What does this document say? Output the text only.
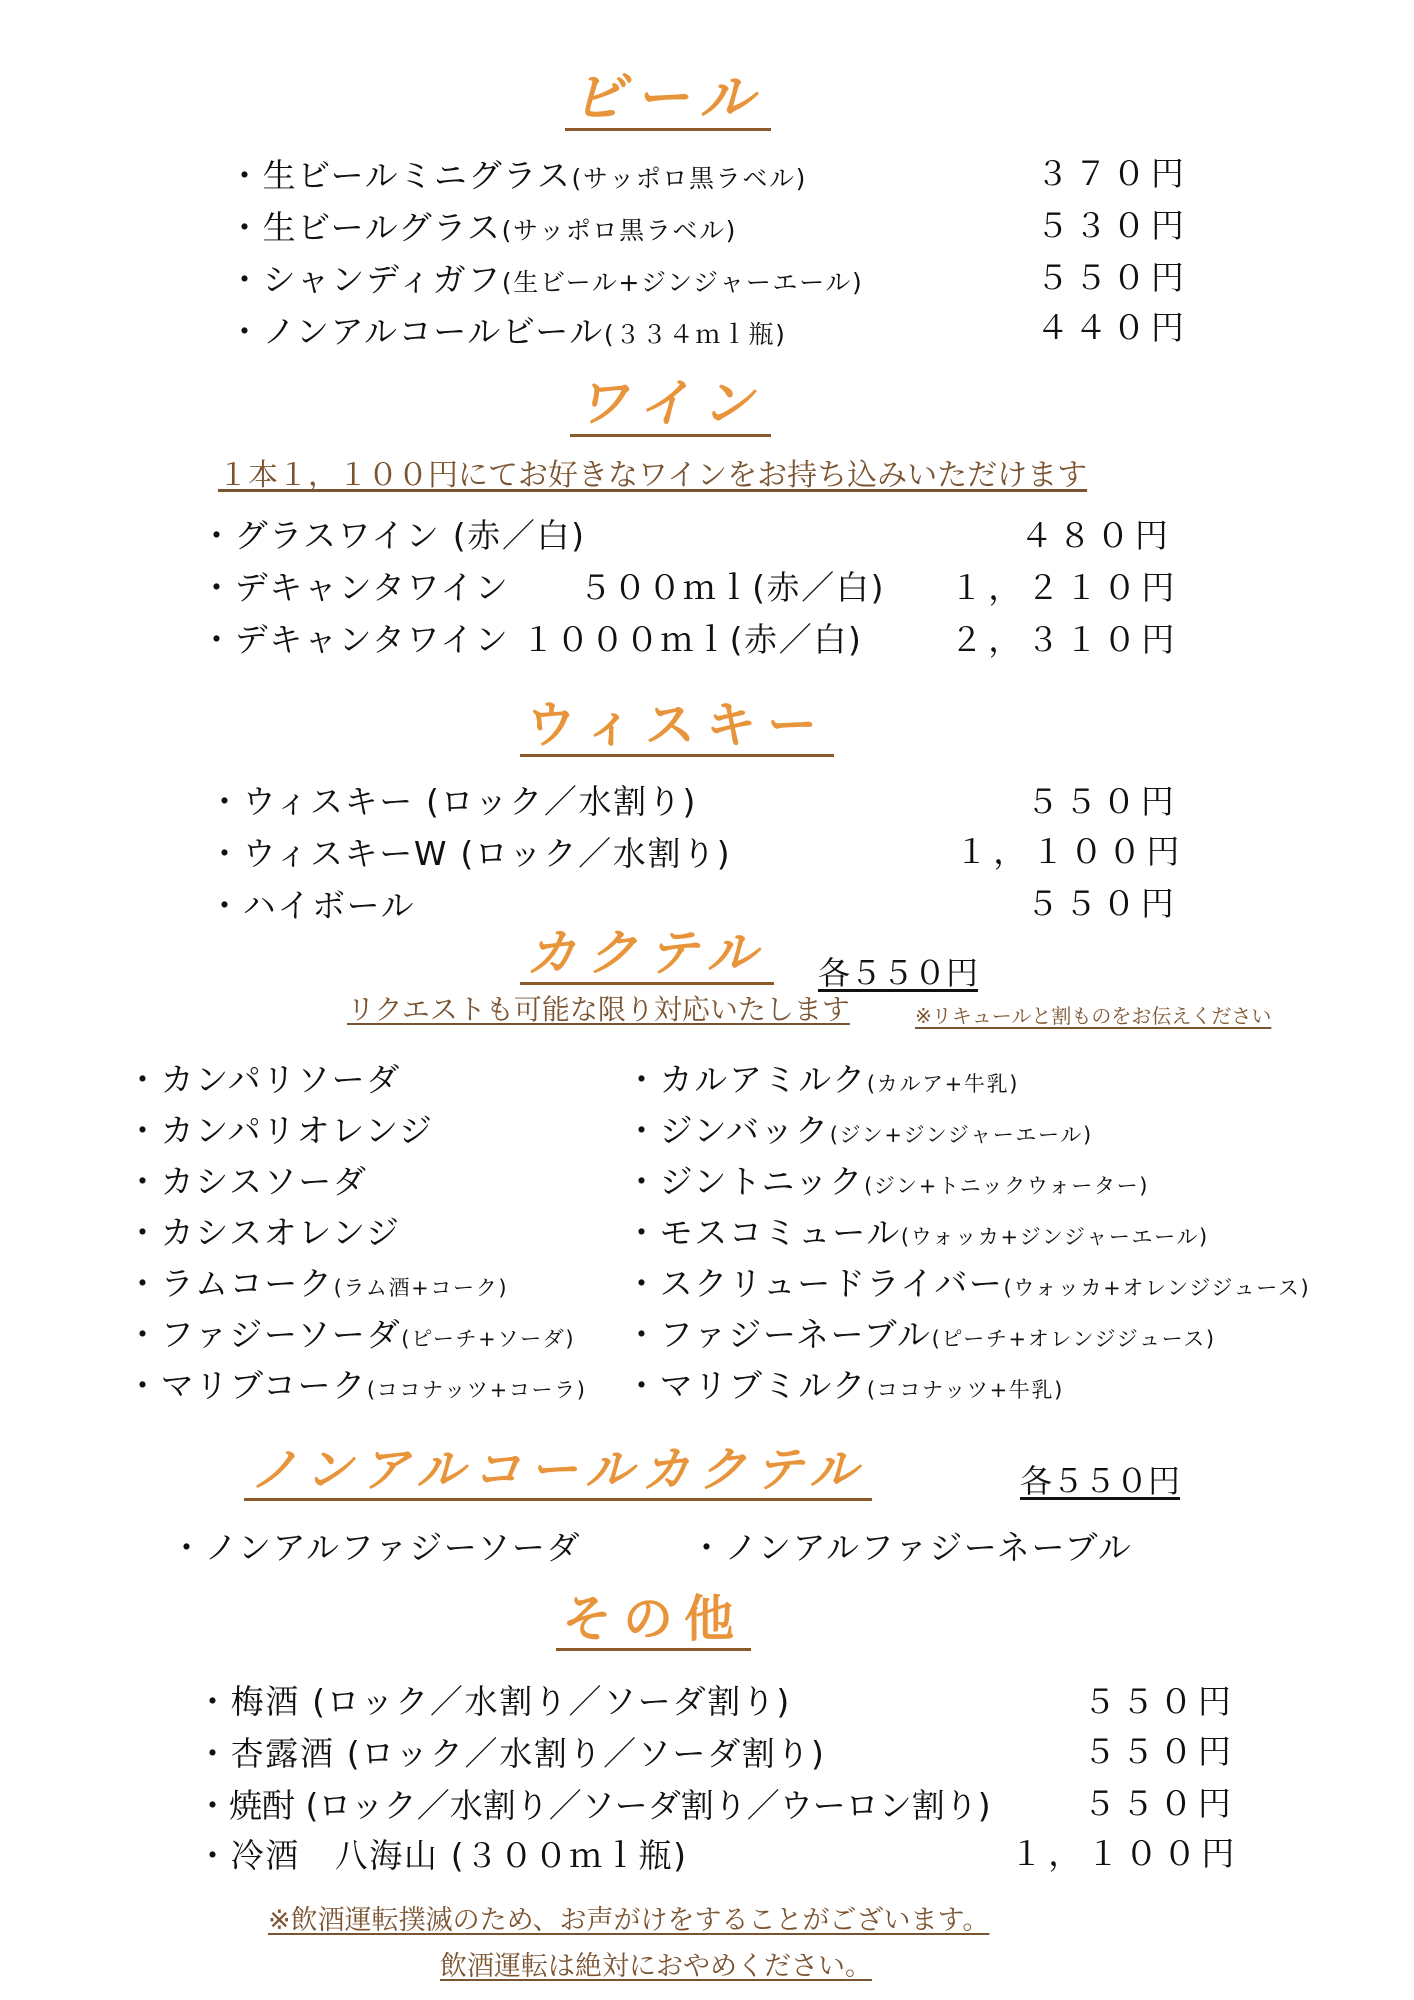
ビール
・生ビールミニグラス(サッポロ黒ラベル)	３７０円
・生ビールグラス(サッポロ黒ラベル)	５３０円
・シャンディガフ(生ビール+ジンジャーエール)	５５０円
・ノンアルコールビール(３３４ｍｌ瓶)	４４０円
ワイン
１本１，１００円にてお好きなワインをお持ち込みいただけます
・グラスワイン (赤／白)	４８０円
・デキャンタワイン　　５００ｍｌ(赤／白) １，２１０円
・デキャンタワイン １０００ｍｌ(赤／白)	２，３１０円
ウィスキー
・ウィスキー (ロック／水割り)	５５０円
・ウィスキーW (ロック／水割り)	１，１００円
・ハイボール	５５０円
カクテル 各５５０円
リクエストも可能な限り対応いたします	※リキュールと割ものをお伝えください
・カンパリソーダ
・カンパリオレンジ
・カシスソーダ
・カシスオレンジ
・ラムコーク(ラム酒+コーク)
・ファジーソーダ(ピーチ+ソーダ)
・マリブコーク(ココナッツ+コーラ)
・カルアミルク(カルア+牛乳)
・ジンバック(ジン+ジンジャーエール)
・ジントニック(ジン+トニックウォーター)
・モスコミュール(ウォッカ+ジンジャーエール)
・スクリュードライバー(ウォッカ+オレンジジュース)
・ファジーネーブル(ピーチ+オレンジジュース)
・マリブミルク(ココナッツ+牛乳)
ノンアルコールカクテル	各５５０円
・ノンアルファジーソーダ	・ノンアルファジーネーブル
その他
・梅酒 (ロック／水割り／ソーダ割り)	５５０円
・杏露酒 (ロック／水割り／ソーダ割り)	５５０円
・焼酎 (ロック／水割り／ソーダ割り／ウーロン割り)	５５０円
・冷酒　八海山 (３００ｍｌ瓶)	１，１００円
※飲酒運転撲滅のため、お声がけをすることがございます。
飲酒運転は絶対におやめください。
